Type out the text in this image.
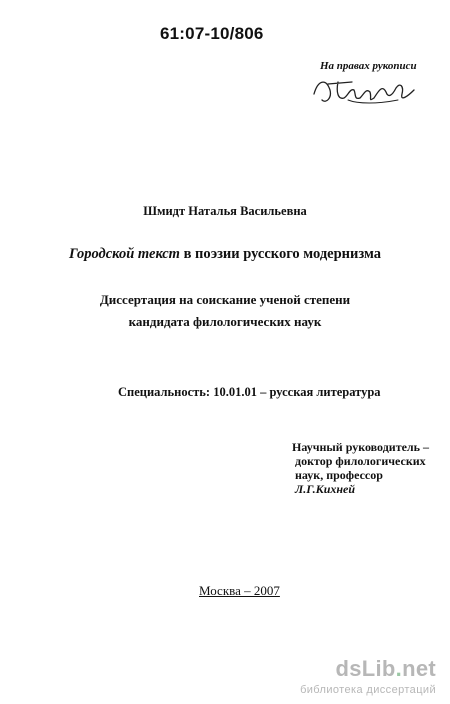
61:07-10/806
На правах рукописи
Шмидт Наталья Васильевна
Городской текст в поэзии русского модернизма
Диссертация на соискание ученой степени
кандидата филологических наук
Специальность: 10.01.01 – русская литература
Научный руководитель –
доктор филологических
наук, профессор
Л.Г.Кихней
Москва – 2007
dsLib.net
библиотека диссертаций
